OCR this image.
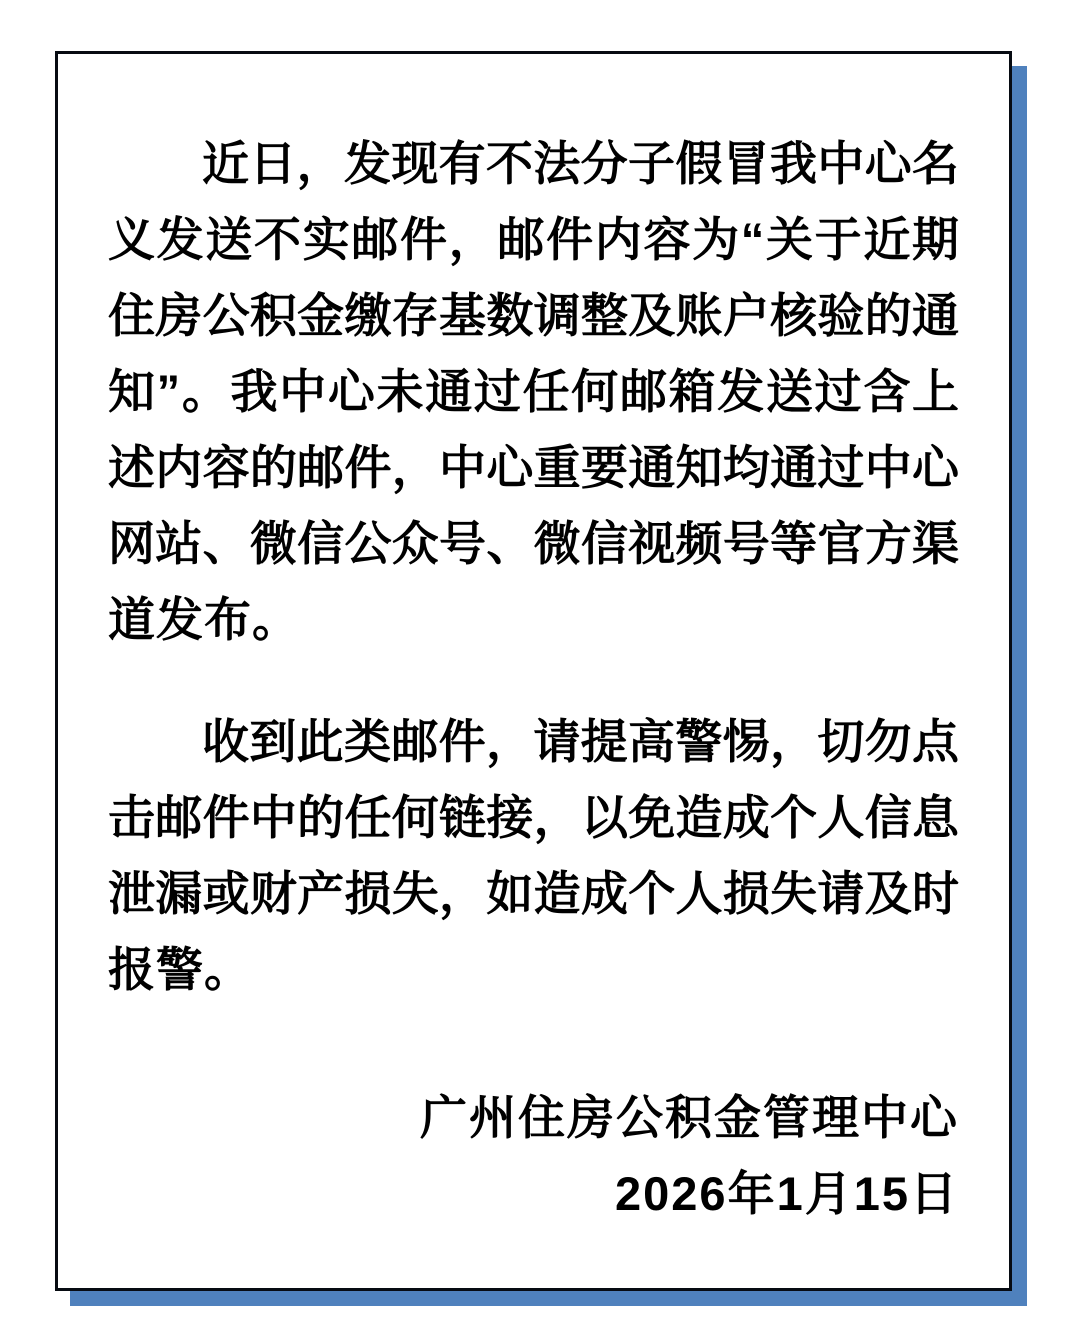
近日，发现有不法分子假冒我中心名
义发送不实邮件，邮件内容为“关于近期
住房公积金缴存基数调整及账户核验的通
知”。我中心未通过任何邮箱发送过含上
述内容的邮件，中心重要通知均通过中心
网站、微信公众号、微信视频号等官方渠
道发布。
收到此类邮件，请提高警惕，切勿点
击邮件中的任何链接，以免造成个人信息
泄漏或财产损失，如造成个人损失请及时
报警。
广州住房公积金管理中心
2026年1月15日
